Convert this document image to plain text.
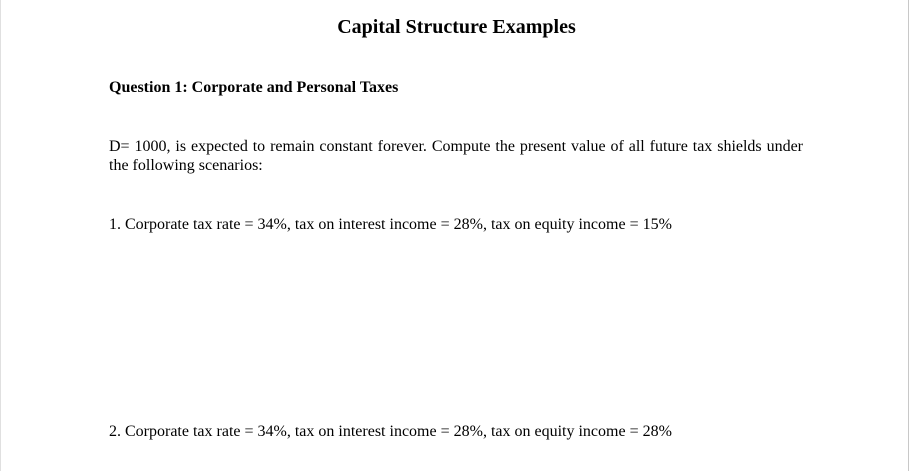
Capital Structure Examples
Question 1: Corporate and Personal Taxes
D= 1000, is expected to remain constant forever. Compute the present value of all future tax shields under the following scenarios:
1. Corporate tax rate = 34%, tax on interest income = 28%, tax on equity income = 15%
2. Corporate tax rate = 34%, tax on interest income = 28%, tax on equity income = 28%
